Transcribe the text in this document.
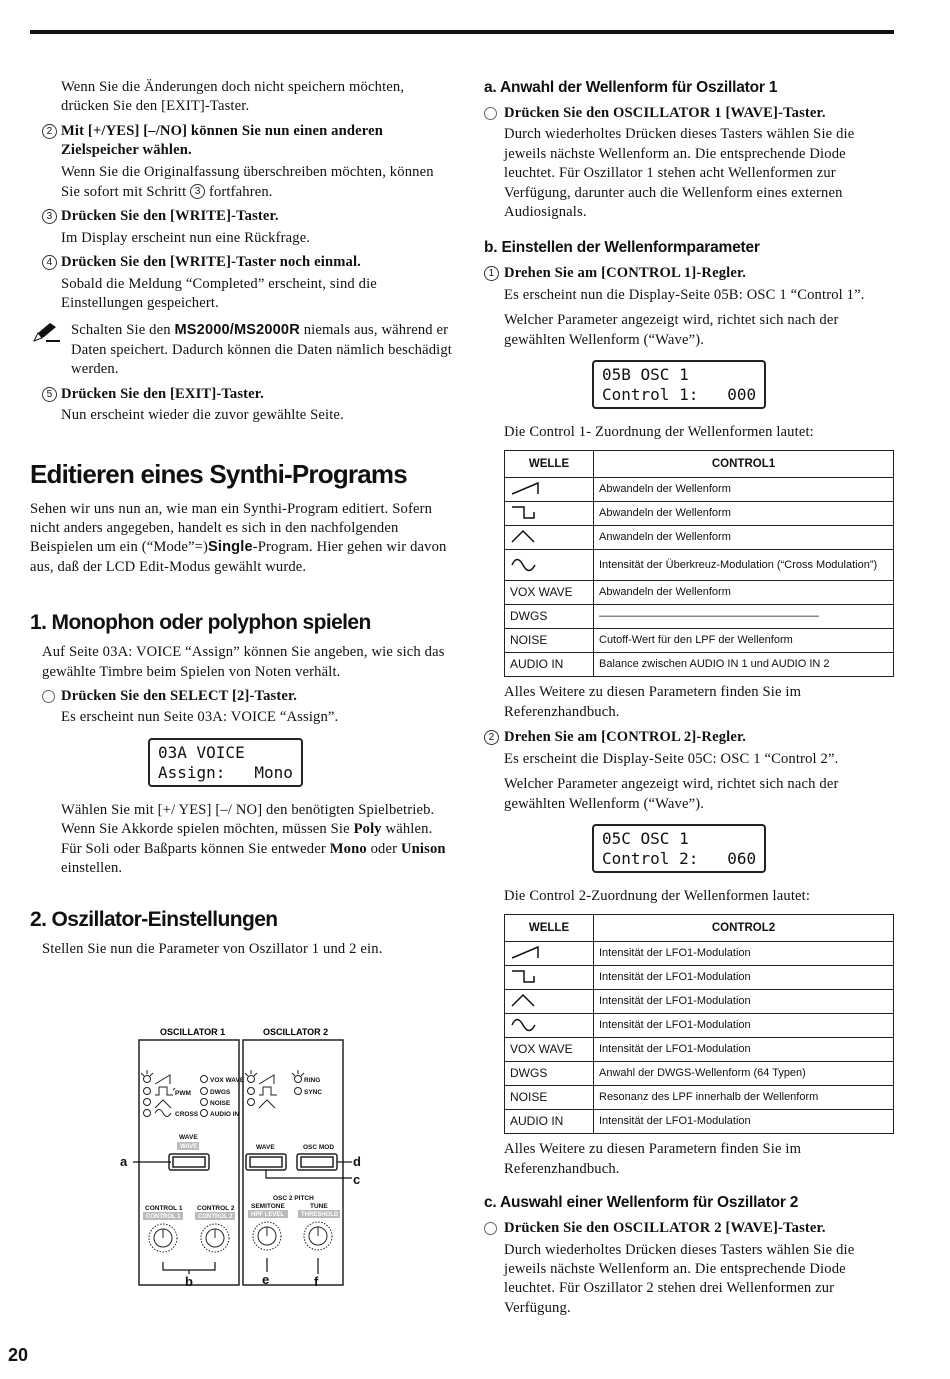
Wenn Sie die Änderungen doch nicht speichern möchten, drücken Sie den [EXIT]-Taster.

2 Mit [+/YES] [–/NO] können Sie nun einen anderen Zielspeicher wählen.

Wenn Sie die Originalfassung überschreiben möchten, können Sie sofort mit Schritt 3 fortfahren.

3 Drücken Sie den [WRITE]-Taster.

Im Display erscheint nun eine Rückfrage.

4 Drücken Sie den [WRITE]-Taster noch einmal.

Sobald die Meldung “Completed” erscheint, sind die Einstellungen gespeichert.

Schalten Sie den MS2000/MS2000R niemals aus, während er Daten speichert. Dadurch können die Daten nämlich beschädigt werden.

5 Drücken Sie den [EXIT]-Taster.

Nun erscheint wieder die zuvor gewählte Seite.

Editieren eines Synthi-Programs

Sehen wir uns nun an, wie man ein Synthi-Program editiert. Sofern nicht anders angegeben, handelt es sich in den nachfolgenden Beispielen um ein (“Mode”=)Single-Program. Hier gehen wir davon aus, daß der LCD Edit-Modus gewählt wurde.

1. Monophon oder polyphon spielen

Auf Seite 03A: VOICE “Assign” können Sie angeben, wie sich das gewählte Timbre beim Spielen von Noten verhält.

Drücken Sie den SELECT [2]-Taster.

Es erscheint nun Seite 03A: VOICE “Assign”.

03A VOICE
Assign:   Mono

Wählen Sie mit [+/ YES] [–/ NO] den benötigten Spielbetrieb.

Wenn Sie Akkorde spielen möchten, müssen Sie Poly wählen. Für Soli oder Baßparts können Sie entweder Mono oder Unison einstellen.

2. Oszillator-Einstellungen

Stellen Sie nun die Parameter von Oszillator 1 und 2 ein.

OSCILLATOR 1	OSCILLATOR 2
PWM
CROSS
VOX WAVE
DWGS
NOISE
AUDIO IN
RING
SYNC
WAVE
WAVE	OSC MOD
OSC 2 PITCH
CONTROL 1 CONTROL 2	SEMITONE	TUNE
WAVE
CONTROL 1	CONTROL 2	HPF LEVEL	THRESHOLD
a	d
c
b	e	f
a. Anwahl der Wellenform für Oszillator 1

Drücken Sie den OSCILLATOR 1 [WAVE]-Taster.

Durch wiederholtes Drücken dieses Tasters wählen Sie die jeweils nächste Wellenform an. Die entsprechende Diode leuchtet. Für Oszillator 1 stehen acht Wellenformen zur Verfügung, darunter auch die Wellenform eines externen Audiosignals.

b. Einstellen der Wellenformparameter

1 Drehen Sie am [CONTROL 1]-Regler.

Es erscheint nun die Display-Seite 05B: OSC 1 “Control 1”.

Welcher Parameter angezeigt wird, richtet sich nach der gewählten Wellenform (“Wave”).

05B OSC 1
Control 1:   000

Die Control 1- Zuordnung der Wellenformen lautet:

WELLE	CONTROL1
	Abwandeln der Wellenform
	Abwandeln der Wellenform
	Anwandeln der Wellenform
	Intensität der Überkreuz-Modulation (“Cross Modulation”)
VOX WAVE	Abwandeln der Wellenform
DWGS	————————————————————
NOISE	Cutoff-Wert für den LPF der Wellenform
AUDIO IN	Balance zwischen AUDIO IN 1 und AUDIO IN 2

Alles Weitere zu diesen Parametern finden Sie im Referenzhandbuch.

2 Drehen Sie am [CONTROL 2]-Regler.

Es erscheint die Display-Seite 05C: OSC 1 “Control 2”.

Welcher Parameter angezeigt wird, richtet sich nach der gewählten Wellenform (“Wave”).

05C OSC 1
Control 2:   060

Die Control 2-Zuordnung der Wellenformen lautet:

WELLE	CONTROL2
	Intensität der LFO1-Modulation
	Intensität der LFO1-Modulation
	Intensität der LFO1-Modulation
	Intensität der LFO1-Modulation
VOX WAVE	Intensität der LFO1-Modulation
DWGS	Anwahl der DWGS-Wellenform (64 Typen)
NOISE	Resonanz des LPF innerhalb der Wellenform
AUDIO IN	Intensität der LFO1-Modulation

Alles Weitere zu diesen Parametern finden Sie im Referenzhandbuch.

c. Auswahl einer Wellenform für Oszillator 2

Drücken Sie den OSCILLATOR 2 [WAVE]-Taster.

Durch wiederholtes Drücken dieses Tasters wählen Sie die jeweils nächste Wellenform an. Die entsprechende Diode leuchtet. Für Oszillator 2 stehen drei Wellenformen zur Verfügung.

20
